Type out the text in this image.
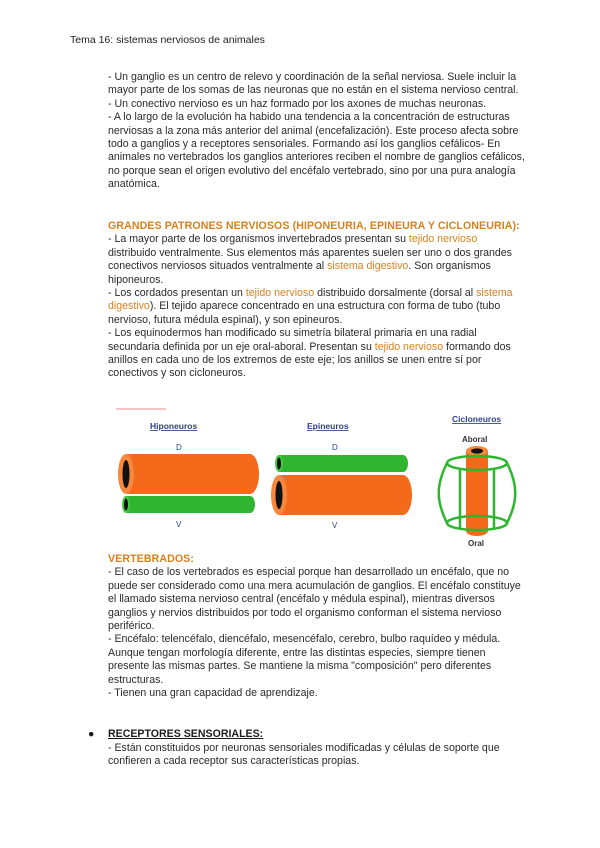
Tema 16: sistemas nerviosos de animales

- Un ganglio es un centro de relevo y coordinación de la señal nerviosa. Suele incluir la mayor parte de los somas de las neuronas que no están en el sistema nervioso central.

- Un conectivo nervioso es un haz formado por los axones de muchas neuronas.

- A lo largo de la evolución ha habido una tendencia a la concentración de estructuras nerviosas a la zona más anterior del animal (encefalización). Este proceso afecta sobre todo a ganglios y a receptores sensoriales. Formando así los ganglios cefálicos- En animales no vertebrados los ganglios anteriores reciben el nombre de ganglios cefálicos, no porque sean el origen evolutivo del encéfalo vertebrado, sino por una pura analogía anatómica.

GRANDES PATRONES NERVIOSOS (HIPONEURIA, EPINEURA Y CICLONEURIA):

- La mayor parte de los organismos invertebrados presentan su tejido nervioso distribuido ventralmente. Sus elementos más aparentes suelen ser uno o dos grandes conectivos nerviosos situados ventralmente al sistema digestivo. Son organismos hiponeuros.

- Los cordados presentan un tejido nervioso distribuido dorsalmente (dorsal al sistema digestivo). El tejido aparece concentrado en una estructura con forma de tubo (tubo nervioso, futura médula espinal), y son epineuros.

- Los equinodermos han modificado su simetría bilateral primaria en una radial secundaria definida por un eje oral-aboral. Presentan su tejido nervioso formando dos anillos en cada uno de los extremos de este eje; los anillos se unen entre sí por conectivos y son cicloneuros.

Hiponeuros
D
V
Epineuros
D
V
Cicloneuros
Aboral
Oral

VERTEBRADOS:

- El caso de los vertebrados es especial porque han desarrollado un encéfalo, que no puede ser considerado como una mera acumulación de ganglios. El encéfalo constituye el llamado sistema nervioso central (encéfalo y médula espinal), mientras diversos ganglios y nervios distribuidos por todo el organismo conforman el sistema nervioso periférico.

- Encéfalo: telencéfalo, diencéfalo, mesencéfalo, cerebro, bulbo raquídeo y médula. Aunque tengan morfología diferente, entre las distintas especies, siempre tienen presente las mismas partes. Se mantiene la misma "composición" pero diferentes estructuras.

- Tienen una gran capacidad de aprendizaje.

● RECEPTORES SENSORIALES:

- Están constituidos por neuronas sensoriales modificadas y células de soporte que confieren a cada receptor sus características propias.
